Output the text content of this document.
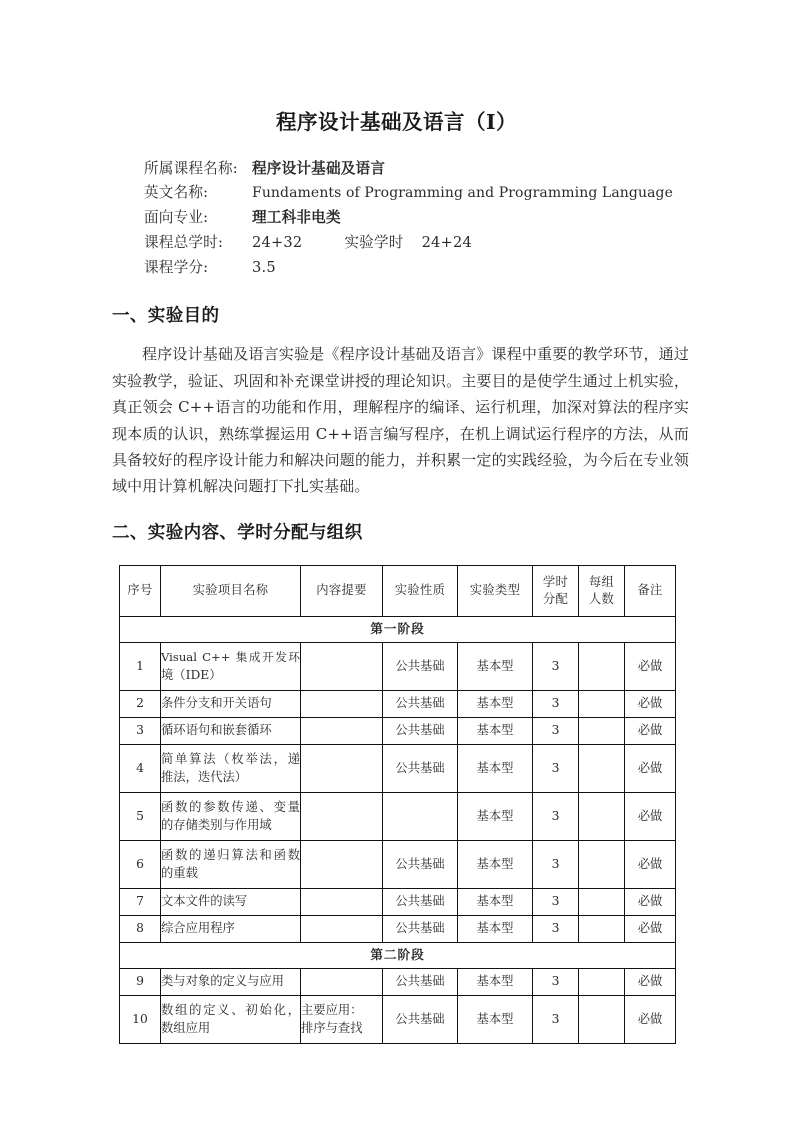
程序设计基础及语言（I）
所属课程名称: 程序设计基础及语言
英文名称:	Fundaments of Programming and Programming Language
面向专业:	理工科非电类
课程总学时:	24+32	实验学时 24+24
课程学分:	3.5
一、实验目的

程序设计基础及语言实验是《程序设计基础及语言》课程中重要的教学环节，通过实验教学，验证、巩固和补充课堂讲授的理论知识。主要目的是使学生通过上机实验，真正领会 C++语言的功能和作用，理解程序的编译、运行机理，加深对算法的程序实现本质的认识，熟练掌握运用 C++语言编写程序，在机上调试运行程序的方法，从而具备较好的程序设计能力和解决问题的能力，并积累一定的实践经验，为今后在专业领域中用计算机解决问题打下扎实基础。

二、实验内容、学时分配与组织
序号	实验项目名称	内容提要	实验性质	实验类型	学时
分配	每组
人数	备注
第一阶段							
1	Visual C++ 集成开发环
境（IDE）		公共基础	基本型	3		必做
2	条件分支和开关语句		公共基础	基本型	3		必做
3	循环语句和嵌套循环		公共基础	基本型	3		必做
4	简单算法（枚举法，递
推法，迭代法）		公共基础	基本型	3		必做
5	函数的参数传递、变量
的存储类别与作用域			基本型	3		必做
6	函数的递归算法和函数
的重载		公共基础	基本型	3		必做
7	文本文件的读写		公共基础	基本型	3		必做
8	综合应用程序		公共基础	基本型	3		必做
第二阶段							
9	类与对象的定义与应用		公共基础	基本型	3		必做
10	数组的定义、初始化，
数组应用	主要应用：
排序与查找	公共基础	基本型	3		必做
